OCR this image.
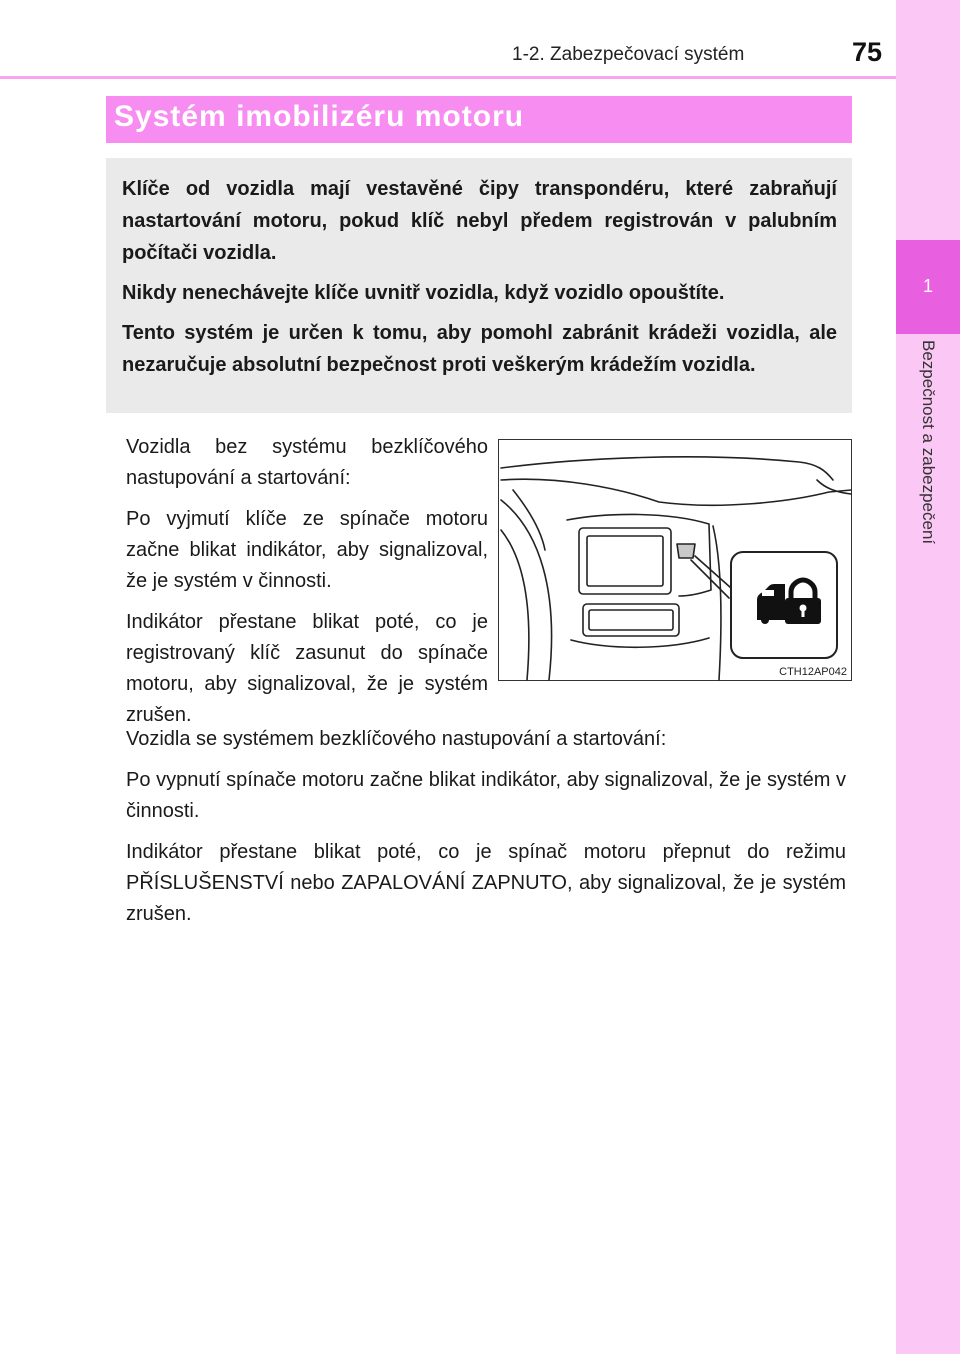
1-2. Zabezpečovací systém	75
1
Bezpečnost a zabezpečení
Systém imobilizéru motoru

Klíče od vozidla mají vestavěné čipy transpondéru, které zabraňují nastartování motoru, pokud klíč nebyl předem registrován v palubním počítači vozidla.

Nikdy nenechávejte klíče uvnitř vozidla, když vozidlo opouštíte.

Tento systém je určen k tomu, aby pomohl zabránit krádeži vozidla, ale nezaručuje absolutní bezpečnost proti veškerým krádežím vozidla.

Vozidla bez systému bezklíčového nastupování a startování:

Po vyjmutí klíče ze spínače motoru začne blikat indikátor, aby signalizoval, že je systém v činnosti.

Indikátor přestane blikat poté, co je registrovaný klíč zasunut do spínače motoru, aby signalizoval, že je systém zrušen.

CTH12AP042

Vozidla se systémem bezklíčového nastupování a startování:

Po vypnutí spínače motoru začne blikat indikátor, aby signalizoval, že je systém v činnosti.

Indikátor přestane blikat poté, co je spínač motoru přepnut do režimu PŘÍSLUŠENSTVÍ nebo ZAPALOVÁNÍ ZAPNUTO, aby signalizoval, že je systém zrušen.
